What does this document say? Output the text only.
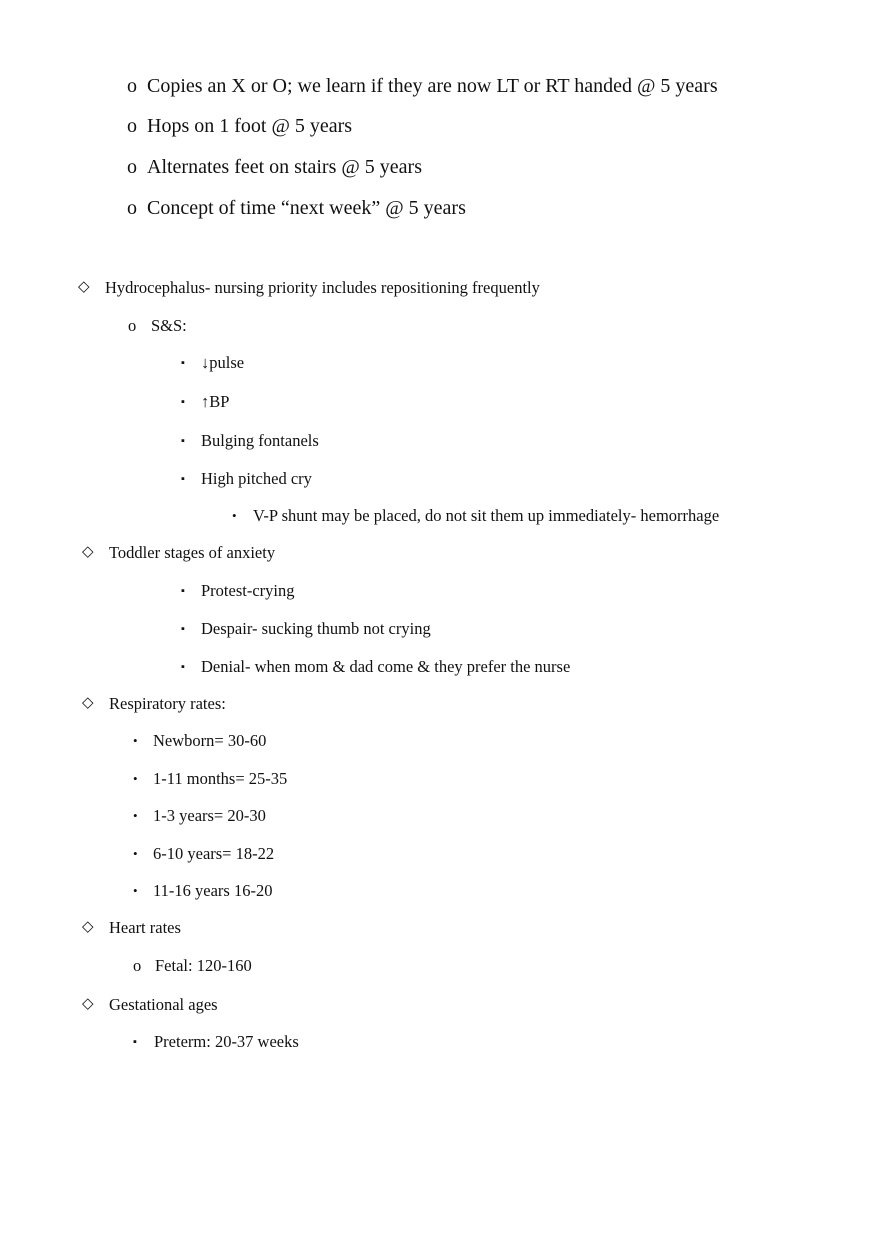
o Copies an X or O; we learn if they are now LT or RT handed @ 5 years
o Hops on 1 foot @ 5 years
o Alternates feet on stairs @ 5 years
o Concept of time “next week” @ 5 years
◇ Hydrocephalus- nursing priority includes repositioning frequently
o S&S:
▪ ↓pulse
▪ ↑BP
▪ Bulging fontanels
▪ High pitched cry
• V-P shunt may be placed, do not sit them up immediately- hemorrhage
◇ Toddler stages of anxiety
▪ Protest-crying
▪ Despair- sucking thumb not crying
▪ Denial- when mom & dad come & they prefer the nurse
◇ Respiratory rates:
• Newborn= 30-60
• 1-11 months= 25-35
• 1-3 years= 20-30
• 6-10 years= 18-22
• 11-16 years 16-20
◇ Heart rates
o Fetal: 120-160
◇ Gestational ages
▪ Preterm: 20-37 weeks
